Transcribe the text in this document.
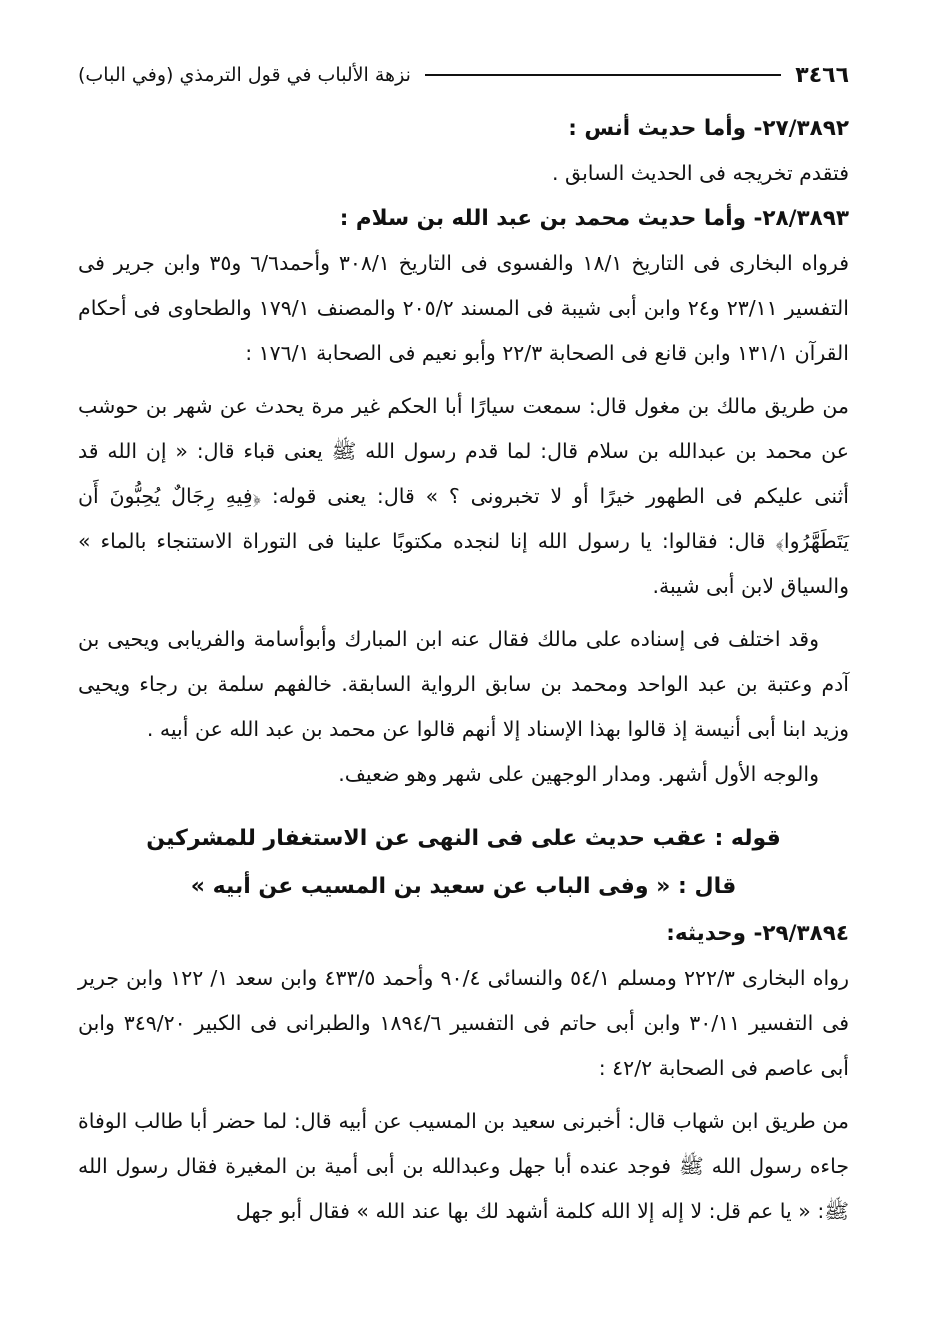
٣٤٦٦
نزهة الألباب في قول الترمذي (وفي الباب)

٢٧/٣٨٩٢- وأما حديث أنس :

فتقدم تخريجه فى الحديث السابق .

٢٨/٣٨٩٣- وأما حديث محمد بن عبد الله بن سلام :

فرواه البخارى فى التاريخ ١٨/١ والفسوى فى التاريخ ٣٠٨/١ وأحمد٦/٦ و٣٥ وابن جرير فى التفسير ٢٣/١١ و٢٤ وابن أبى شيبة فى المسند ٢٠٥/٢ والمصنف ١٧٩/١ والطحاوى فى أحكام القرآن ١٣١/١ وابن قانع فى الصحابة ٢٢/٣ وأبو نعيم فى الصحابة ١٧٦/١ :

من طريق مالك بن مغول قال: سمعت سيارًا أبا الحكم غير مرة يحدث عن شهر بن حوشب عن محمد بن عبدالله بن سلام قال: لما قدم رسول الله ﷺ يعنى قباء قال: « إن الله قد أثنى عليكم فى الطهور خيرًا أو لا تخبرونى ؟ » قال: يعنى قوله: ﴿فِيهِ رِجَالٌ يُحِبُّونَ أَن يَتَطَهَّرُوا﴾ قال: فقالوا: يا رسول الله إنا لنجده مكتوبًا علينا فى التوراة الاستنجاء بالماء » والسياق لابن أبى شيبة.

وقد اختلف فى إسناده على مالك فقال عنه ابن المبارك وأبوأسامة والفريابى ويحيى بن آدم وعتبة بن عبد الواحد ومحمد بن سابق الرواية السابقة. خالفهم سلمة بن رجاء ويحيى وزيد ابنا أبى أنيسة إذ قالوا بهذا الإسناد إلا أنهم قالوا عن محمد بن عبد الله عن أبيه .

والوجه الأول أشهر. ومدار الوجهين على شهر وهو ضعيف.

قوله : عقب حديث على فى النهى عن الاستغفار للمشركين

قال : « وفى الباب عن سعيد بن المسيب عن أبيه »

٢٩/٣٨٩٤- وحديثه:

رواه البخارى ٢٢٢/٣ ومسلم ٥٤/١ والنسائى ٩٠/٤ وأحمد ٤٣٣/٥ وابن سعد ١/ ١٢٢ وابن جرير فى التفسير ٣٠/١١ وابن أبى حاتم فى التفسير ١٨٩٤/٦ والطبرانى فى الكبير ٣٤٩/٢٠ وابن أبى عاصم فى الصحابة ٤٢/٢ :

من طريق ابن شهاب قال: أخبرنى سعيد بن المسيب عن أبيه قال: لما حضر أبا طالب الوفاة جاءه رسول الله ﷺ فوجد عنده أبا جهل وعبدالله بن أبى أمية بن المغيرة فقال رسول الله ﷺ: « يا عم قل: لا إله إلا الله كلمة أشهد لك بها عند الله » فقال أبو جهل
